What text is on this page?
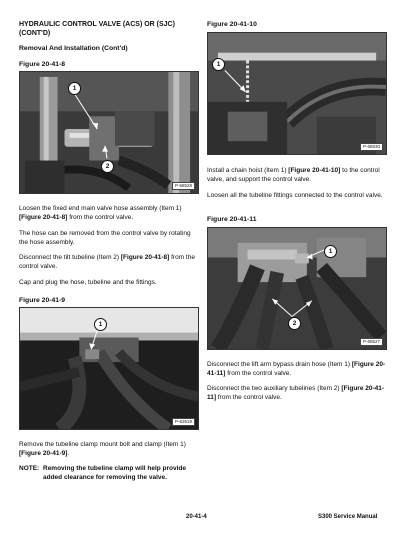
HYDRAULIC CONTROL VALVE (ACS) OR (SJC) (CONT'D)
Removal And Installation (Cont'd)
Figure 20-41-8
1
2
P-68528

Loosen the fixed end main valve hose assembly (Item 1) [Figure 20-41-8] from the control valve.

The hose can be removed from the control valve by rotating the hose assembly.

Disconnect the tilt tubeline (Item 2) [Figure 20-41-8] from the control valve.

Cap and plug the hose, tubeline and the fittings.

Figure 20-41-9
1
P-62619

Remove the tubeline clamp mount bolt and clamp (Item 1) [Figure 20-41-9].

NOTE: Removing the tubeline clamp will help provide added clearance for removing the valve.
Figure 20-41-10
1
P-68530

Install a chain hoist (Item 1) [Figure 20-41-10] to the control valve, and support the control valve.

Loosen all the tubeline fittings connected to the control valve.

Figure 20-41-11
1
2
P-68527

Disconnect the lift arm bypass drain hose (Item 1) [Figure 20-41-11] from the control valve.

Disconnect the two auxiliary tubelines (Item 2) [Figure 20-41-11] from the control valve.

20-41-4	S300 Service Manual
